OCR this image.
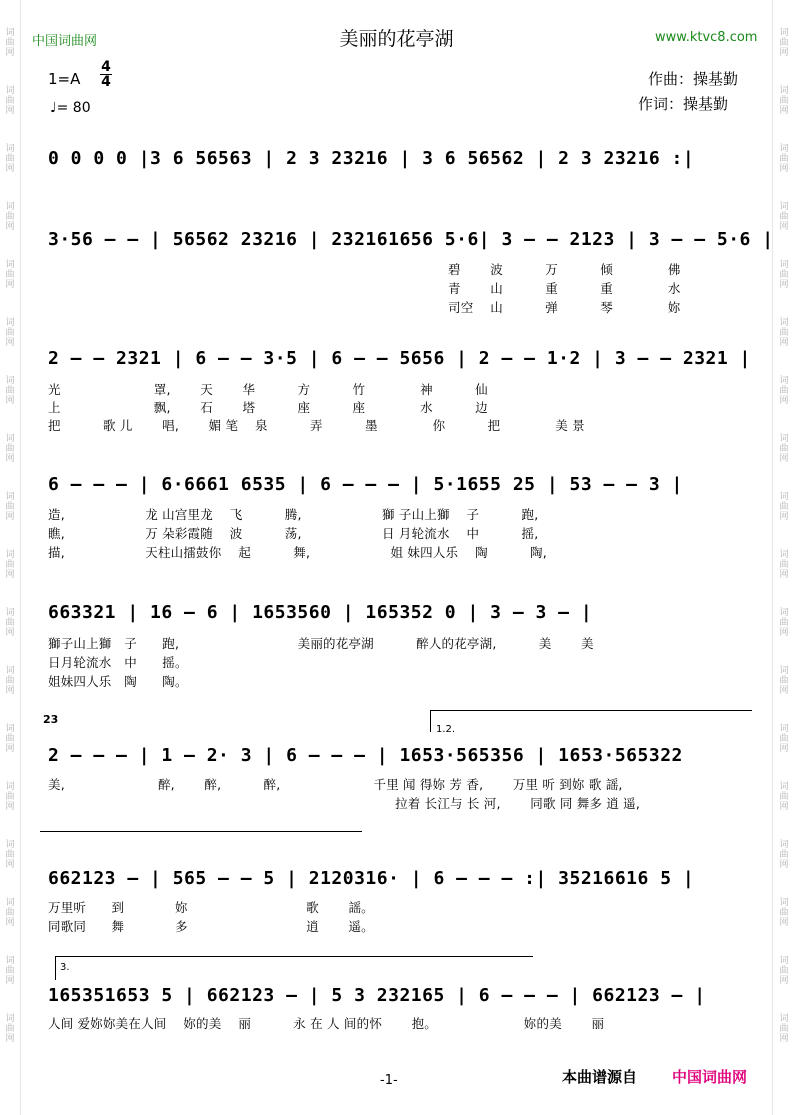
词
曲
网
词
曲
网
词
曲
网
词
曲
网
词
曲
网
词
曲
网
词
曲
网
词
曲
网
词
曲
网
词
曲
网
词
曲
网
词
曲
网
词
曲
网
词
曲
网
词
曲
网
词
曲
网
词
曲
网
词
曲
网
词
曲
网
词
曲
网
词
曲
网
词
曲
网
词
曲
网
词
曲
网
词
曲
网
词
曲
网
词
曲
网
词
曲
网
词
曲
网
词
曲
网
词
曲
网
词
曲
网
词
曲
网
词
曲
网
词
曲
网
词
曲
网
中国词曲网	美丽的花亭湖	www.ktvc8.com
1=A
4
4
♩= 80
作曲：操基勤
作词：操基勤
0 0 0 0 |3 6 56563 | 2 3 23216 | 3 6 56562 | 2 3 23216 :|
3·56 — — | 56562 23216 | 232161656 5·6| 3 — — 2123 | 3 — — 5·6 |
碧　　 波　　　 万　　　 倾　　　　 佛
青　　 山　　　 重　　　 重　　　　 水
司空　 山　　　 弹　　　 琴　　　　 妳
2 — — 2321 | 6 — — 3·5 | 6 — — 5656 | 2 — — 1·2 | 3 — — 2321 |
光　　　　　　　 罩,　　 天　　 华　　　 方　　　 竹　　　　 神　　　 仙
上　　　　　　　 飘,　　 石　　 塔　　　 座　　　 座　　　　 水　　　 边
把　　　 歌 儿　　 唱,　　 媚 笔　 泉　　　 弄　　　 墨　　　　 你　　　 把　　　　 美 景
6 — — — | 6·6661 6535 | 6 — — — | 5·1655 25 | 53 — — 3 |
造,　　　　　　 龙 山宫里龙　 飞　　　 腾,　　　　　　 獅 子山上獅　 子　　　 跑,
瞧,　　　　　　 万 朵彩霞随　 波　　　 荡,　　　　　　 日 月轮流水　 中　　　 摇,
描,　　　　　　 天柱山擂鼓你　 起　　　 舞,　　　　　　 姐 妹四人乐　 陶　　　 陶,
663321 | 16 — 6 | 1653560 | 165352 0 | 3 — 3 — |
獅子山上獅　子　　跑,　　　　　　　　　 美丽的花亭湖　　　 醉人的花亭湖,　　　 美　　 美
日月轮流水　中　　摇。
姐妹四人乐　陶　　陶。
23
1.2.
2 — — — | 1 — 2· 3 | 6 — — — | 1653·565356 | 1653·565322
美,　　　　　　　 醉,　　 醉,　　　 醉,　　　　　　　 千里 闻 得妳 芳 香,　　 万里 听 到妳 歌 謡,
　　　　　　　　　　　　　　　　　　　　　　　　　　　 拉着 长江与 长 河,　　 同歌 同 舞多 逍 遥,
662123 — | 565 — — 5 | 2120316· | 6 — — — :| 35216616 5 |
万里听　　到　　　　妳　　　　　　　　　 歌　　 謡。
同歌同　　舞　　　　多　　　　　　　　　 逍　　 遥。
3.
165351653 5 | 662123 — | 5 3 232165 | 6 — — — | 662123 — |
人间 爱妳妳美在人间　 妳的美　 丽　　　 永 在 人 间的怀　　 抱。　　　　　　　 妳的美　　 丽
-1-	本曲谱源自 中国词曲网
